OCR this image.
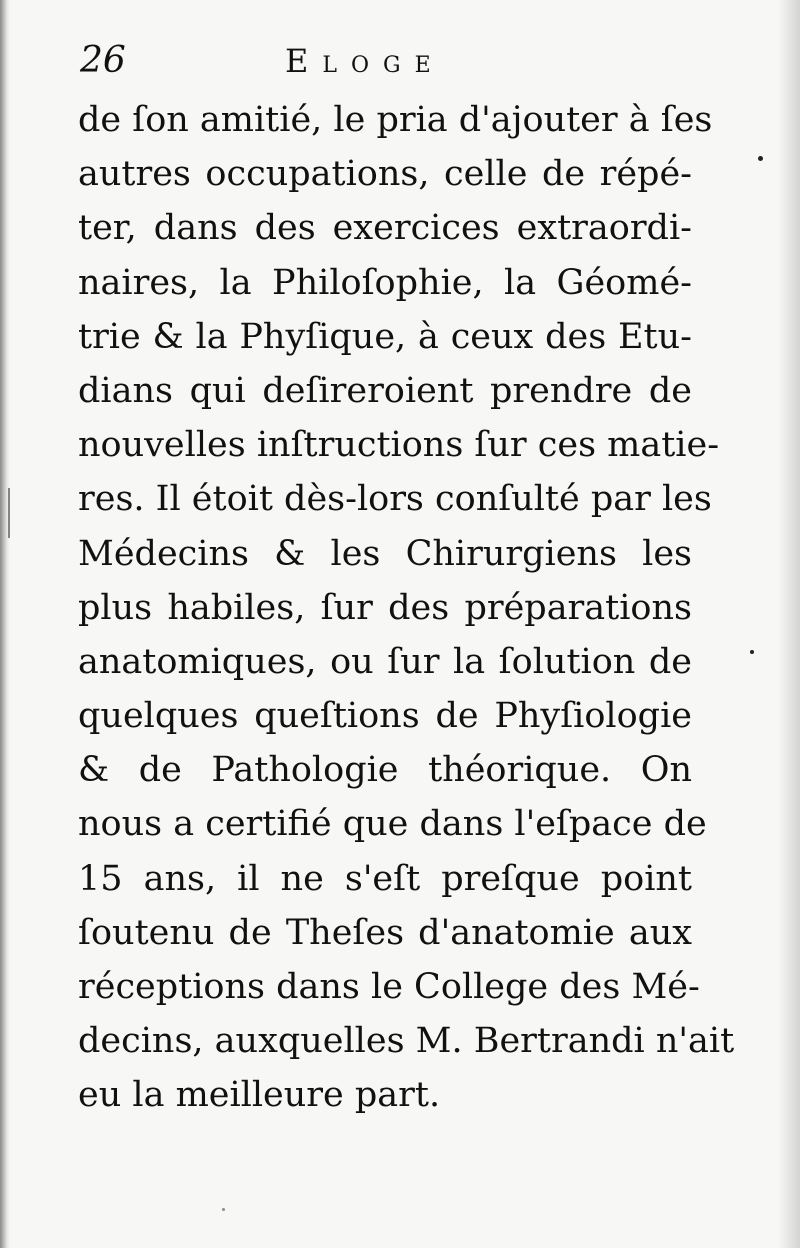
26	Eloge
de ſon amitié, le pria d'ajouter à ſes
autres occupations, celle de répé-
ter, dans des exercices extraordi-
naires, la Philoſophie, la Géomé-
trie & la Phyſique, à ceux des Etu-
dians qui deſireroient prendre de
nouvelles inſtructions ſur ces matie-
res. Il étoit dès-lors conſulté par les
Médecins & les Chirurgiens les
plus habiles, ſur des préparations
anatomiques, ou ſur la ſolution de
quelques queſtions de Phyſiologie
& de Pathologie théorique. On
nous a certifié que dans l'eſpace de
15 ans, il ne s'eſt preſque point
ſoutenu de Theſes d'anatomie aux
réceptions dans le College des Mé-
decins, auxquelles M. Bertrandi n'ait
eu la meilleure part.
